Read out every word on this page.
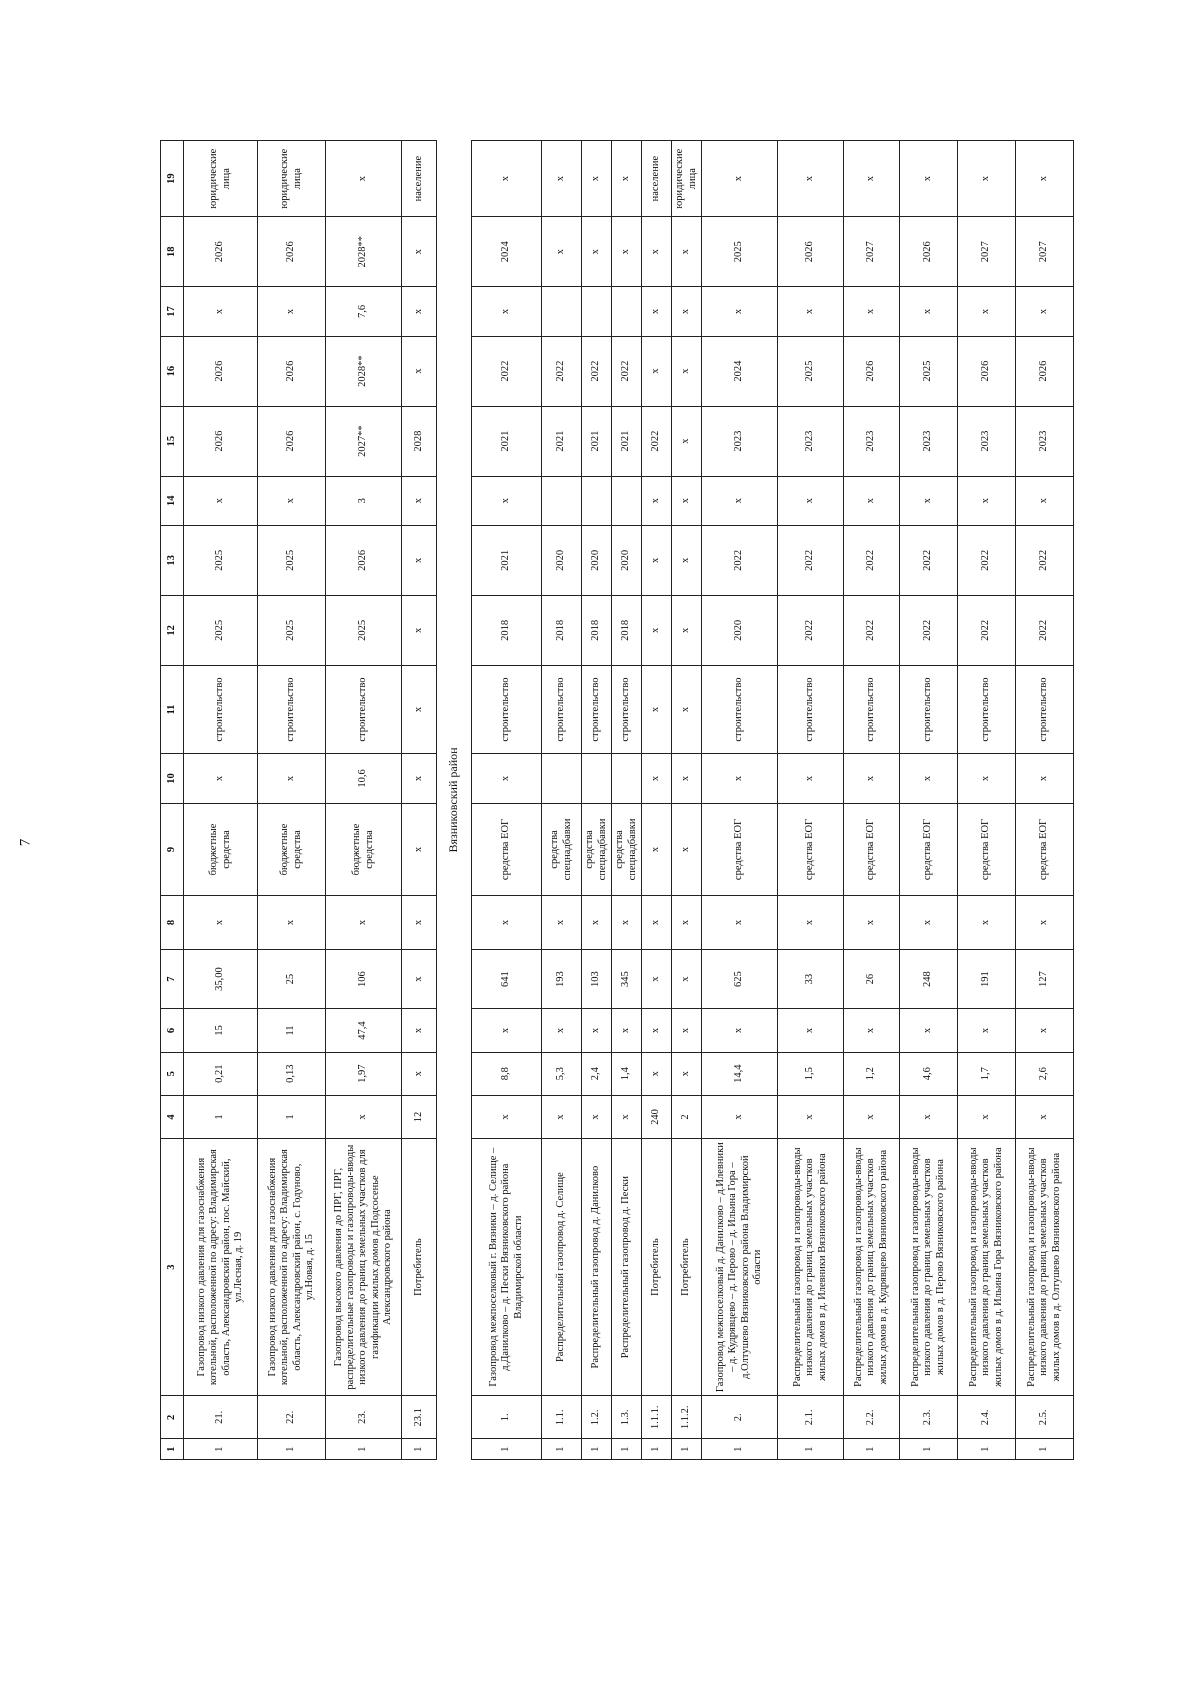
7
1	2	3	4	5	6	7	8	9	10	11	12	13	14	15	16	17	18	19
1	21.	Газопровод низкого давления для газоснабжения котельной, расположенной по адресу: Владимирская область, Александровский район, пос. Майский, ул.Лесная, д. 19	1	0,21	15	35,00	x	бюджетные средства	x	строительство	2025	2025	x	2026	2026	x	2026	юридические лица
1	22.	Газопровод низкого давления для газоснабжения котельной, расположенной по адресу: Владимирская область, Александровский район, с. Годуново, ул.Новая, д. 15	1	0,13	11	25	x	бюджетные средства	x	строительство	2025	2025	x	2026	2026	x	2026	юридические лица
1	23.	Газопровод высокого давления до ПРГ, ПРГ, распределительные газопроводы и газопроводы-вводы низкого давления до границ земельных участков для газификации жилых домов д.Подсосенье Александровского района	x	1,97	47,4	106	x	бюджетные средства	10,6	строительство	2025	2026	3	2027**	2028**	7,6	2028**	x
1	23.1	Потребитель	12	x	x	x	x	x	x	x	x	x	x	2028	x	x	x	население
Вязниковский район																		
1	1.	Газопровод межпоселковый г. Вязники – д. Селище – д.Данилково – д. Пески Вязниковского района Владимирской области	x	8,8	x	641	x	средства ЕОГ	x	строительство	2018	2021	x	2021	2022	x	2024	x
1	1.1.	Распределительный газопровод д. Селище	x	5,3	x	193	x	средства спецнадбавки		строительство	2018	2020		2021	2022		x	x
1	1.2.	Распределительный газопровод д. Данилково	x	2,4	x	103	x	средства спецнадбавки		строительство	2018	2020		2021	2022		x	x
1	1.3.	Распределительный газопровод д. Пески	x	1,4	x	345	x	средства спецнадбавки		строительство	2018	2020		2021	2022		x	x
1	1.1.1.	Потребитель	240	x	x	x	x	x	x	x	x	x	x	2022	x	x	x	население
1	1.1.2.	Потребитель	2	x	x	x	x	x	x	x	x	x	x	x	x	x	x	юридические лица
1	2.	Газопровод межпоселковый д. Данилково – д.Илевники – д. Кудрявцево – д. Перово – д. Ильина Гора – д.Олтушево Вязниковского района Владимирской области	x	14,4	x	625	x	средства ЕОГ	x	строительство	2020	2022	x	2023	2024	x	2025	x
1	2.1.	Распределительный газопровод и газопроводы-вводы низкого давления до границ земельных участков жилых домов в д. Илевники Вязниковского района	x	1,5	x	33	x	средства ЕОГ	x	строительство	2022	2022	x	2023	2025	x	2026	x
1	2.2.	Распределительный газопровод и газопроводы-вводы низкого давления до границ земельных участков жилых домов в д. Кудрявцево Вязниковского района	x	1,2	x	26	x	средства ЕОГ	x	строительство	2022	2022	x	2023	2026	x	2027	x
1	2.3.	Распределительный газопровод и газопроводы-вводы низкого давления до границ земельных участков жилых домов в д. Перово Вязниковского района	x	4,6	x	248	x	средства ЕОГ	x	строительство	2022	2022	x	2023	2025	x	2026	x
1	2.4.	Распределительный газопровод и газопроводы-вводы низкого давления до границ земельных участков жилых домов в д. Ильина Гора Вязниковского района	x	1,7	x	191	x	средства ЕОГ	x	строительство	2022	2022	x	2023	2026	x	2027	x
1	2.5.	Распределительный газопровод и газопроводы-вводы низкого давления до границ земельных участков жилых домов в д. Олтушево Вязниковского района	x	2,6	x	127	x	средства ЕОГ	x	строительство	2022	2022	x	2023	2026	x	2027	x
